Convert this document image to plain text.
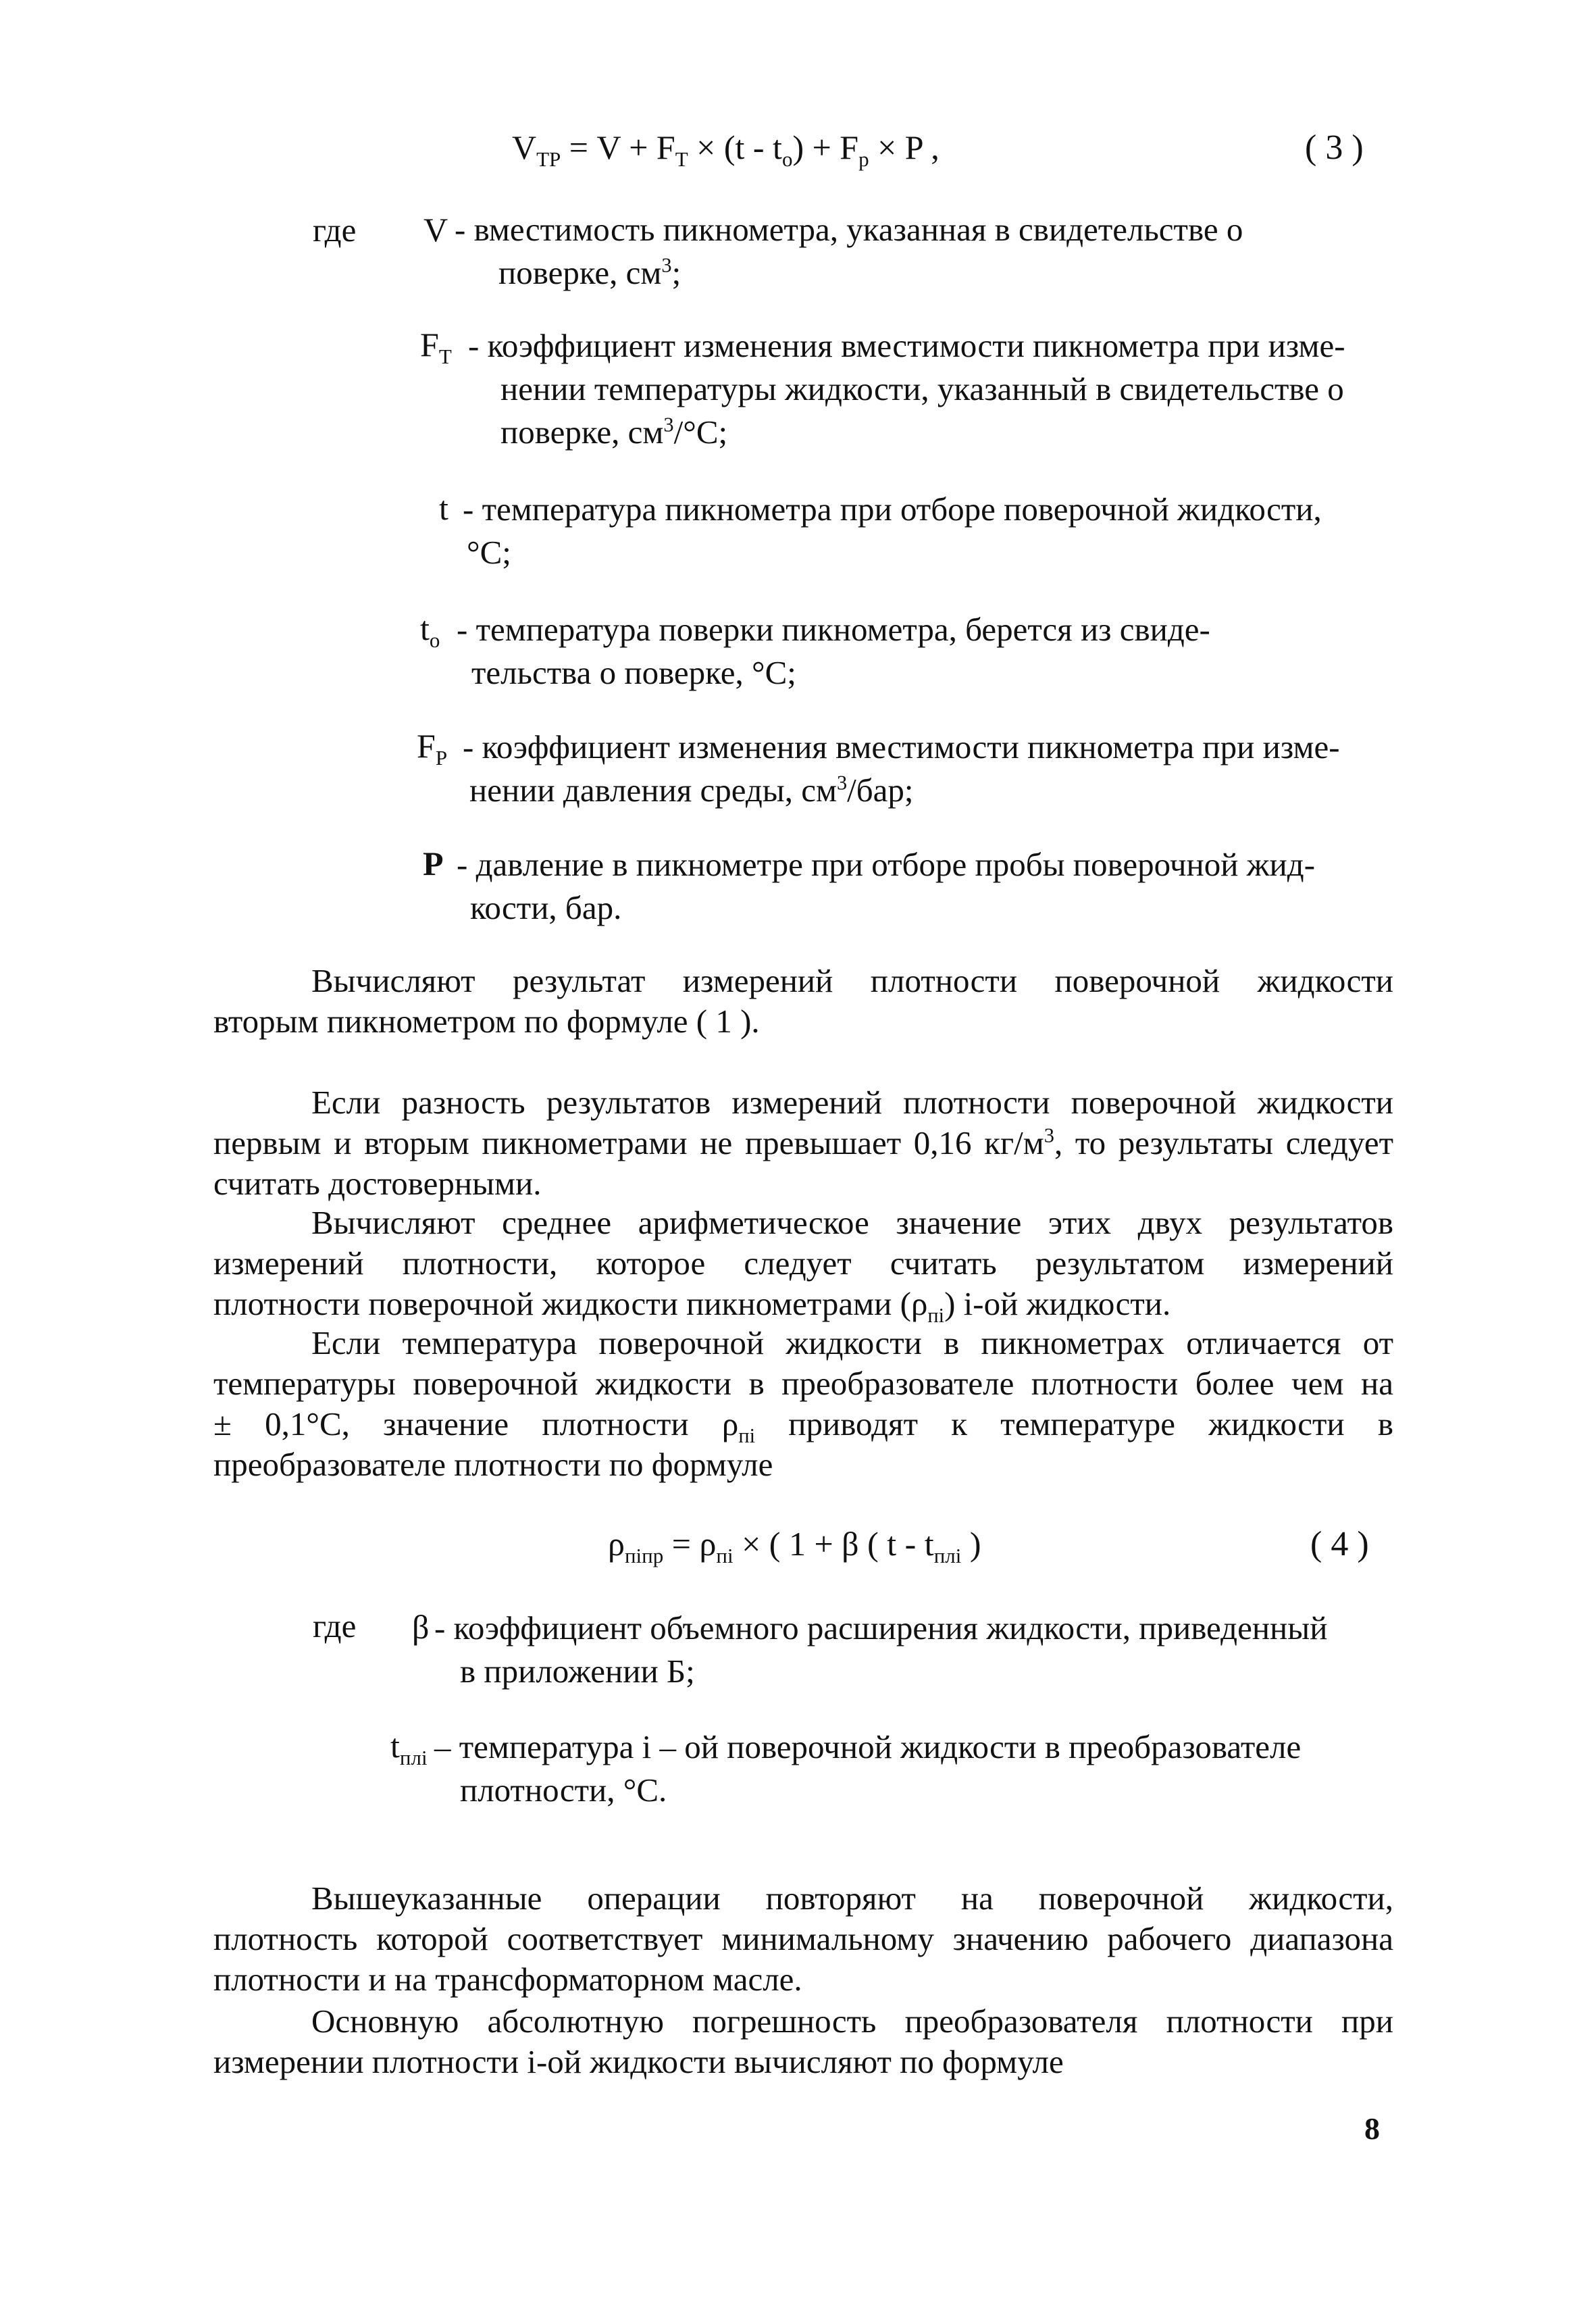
$V_{ТР} = V + F_T \times (t - t_o) + F_p \times P$ ,	( 3 )
где V - вместимость пикнометра, указанная в свидетельстве о
поверке, $см^3$;
$F_T$ - коэффициент изменения вместимости пикнометра при изме-
нении температуры жидкости, указанный в свидетельстве о
поверке, $см^3/^\circ С$;
t - температура пикнометра при отборе поверочной жидкости,
°С;
$t_o$ - температура поверки пикнометра, берется из свиде-
тельства о поверке, °С;
$F_P$ - коэффициент изменения вместимости пикнометра при изме-
нении давления среды, $см^3$/бар;
P - давление в пикнометре при отборе пробы поверочной жид-
кости, бар.
Вычисляют результат измерений плотности поверочной жидкости
вторым пикнометром по формуле ( 1 ).
Если разность результатов измерений плотности поверочной жидкости
первым и вторым пикнометрами не превышает 0,16 $кг/м^3$, то результаты следует
считать достоверными.
Вычисляют среднее арифметическое значение этих двух результатов
измерений плотности, которое следует считать результатом измерений
плотности поверочной жидкости пикнометрами $(\rho_{пi})$ i-ой жидкости.
Если температура поверочной жидкости в пикнометрах отличается от
температуры поверочной жидкости в преобразователе плотности более чем на
± 0,1°С, значение плотности $\rho_{пi}$ приводят к температуре жидкости в
преобразователе плотности по формуле
$\rho_{пiпр} = \rho_{пi}$ × ( 1 + β ( t - $t_{плi}$ )	( 4 )
где β - коэффициент объемного расширения жидкости, приведенный
в приложении Б;
$t_{плi}$ – температура i – ой поверочной жидкости в преобразователе
плотности, °С.
Вышеуказанные операции повторяют на поверочной жидкости,
плотность которой соответствует минимальному значению рабочего диапазона
плотности и на трансформаторном масле.
Основную абсолютную погрешность преобразователя плотности при
измерении плотности i-ой жидкости вычисляют по формуле
8
